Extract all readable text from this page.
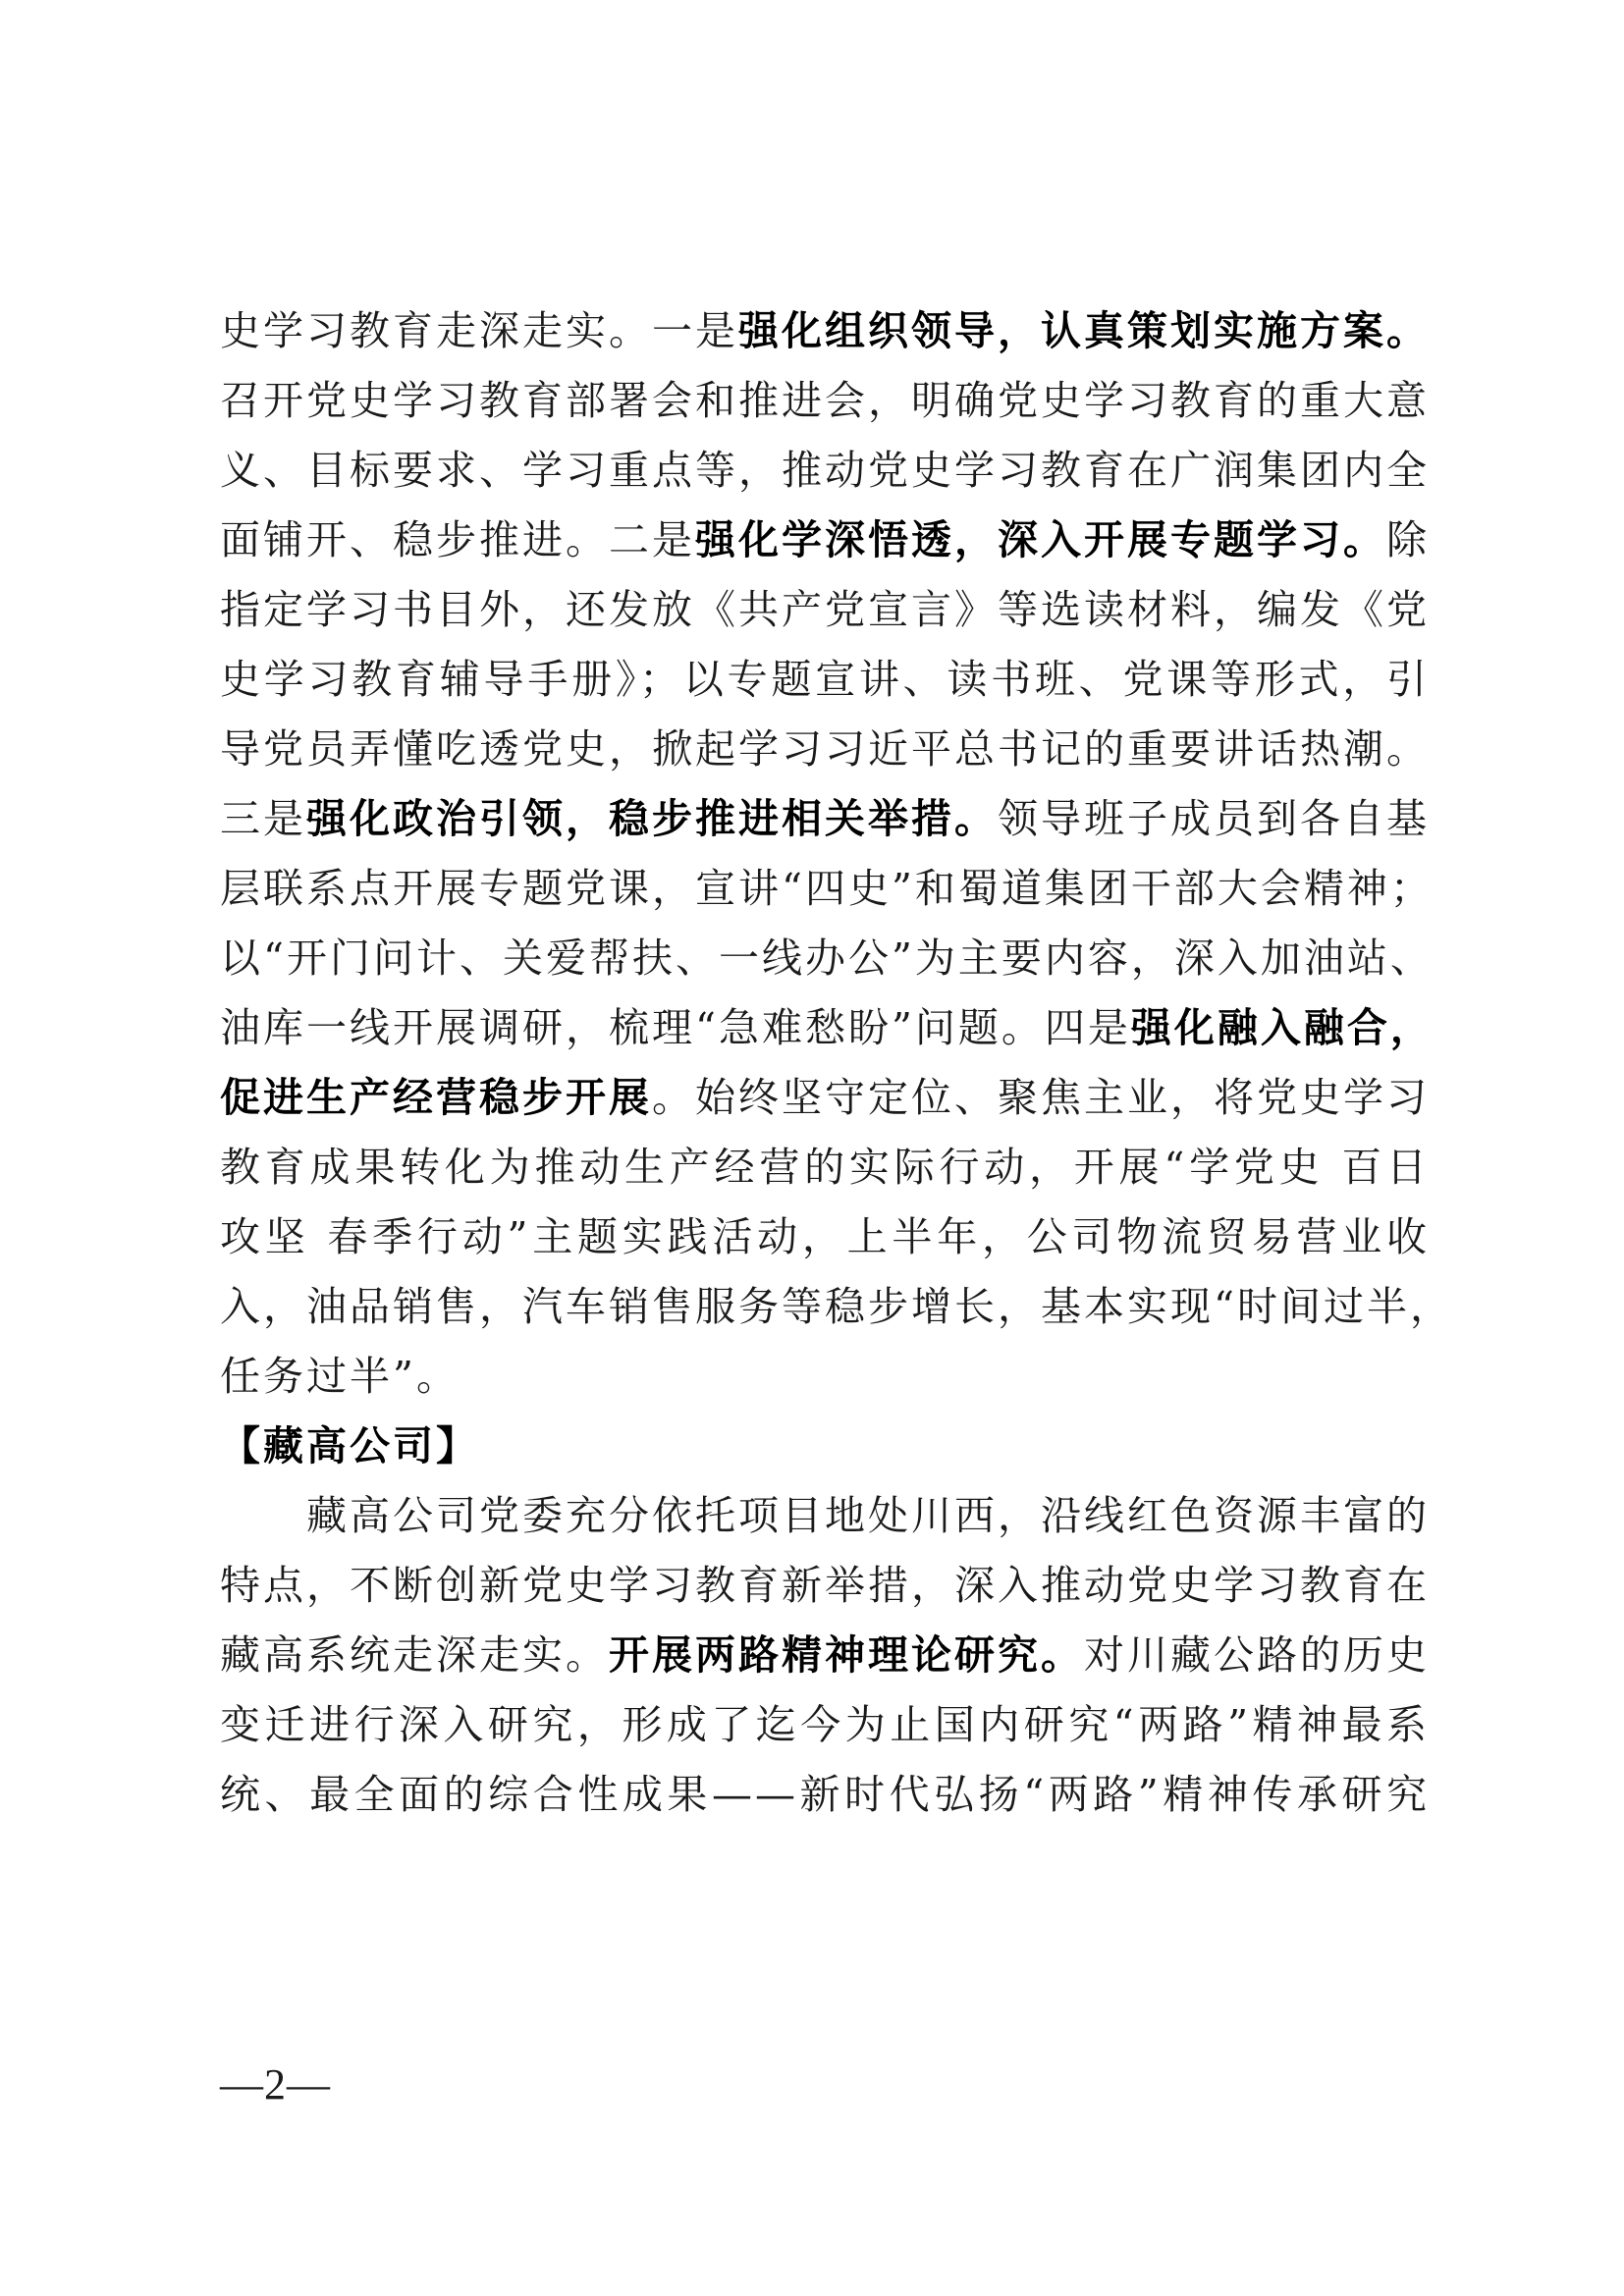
史学习教育走深走实。一是强化组织领导，认真策划实施方案。
召开党史学习教育部署会和推进会，明确党史学习教育的重大意
义、目标要求、学习重点等，推动党史学习教育在广润集团内全
面铺开、稳步推进。二是强化学深悟透，深入开展专题学习。除
指定学习书目外，还发放《共产党宣言》等选读材料，编发《党
史学习教育辅导手册》；以专题宣讲、读书班、党课等形式，引
导党员弄懂吃透党史，掀起学习习近平总书记的重要讲话热潮。
三是强化政治引领，稳步推进相关举措。领导班子成员到各自基
层联系点开展专题党课，宣讲“四史”和蜀道集团干部大会精神；
以“开门问计、关爱帮扶、一线办公”为主要内容，深入加油站、
油库一线开展调研，梳理“急难愁盼”问题。四是强化融入融合，
促进生产经营稳步开展。始终坚守定位、聚焦主业，将党史学习
教育成果转化为推动生产经营的实际行动，开展“学党史 百日
攻坚 春季行动”主题实践活动，上半年，公司物流贸易营业收
入，油品销售，汽车销售服务等稳步增长，基本实现“时间过半，
任务过半”。
【藏高公司】
　　藏高公司党委充分依托项目地处川西，沿线红色资源丰富的
特点，不断创新党史学习教育新举措，深入推动党史学习教育在
藏高系统走深走实。开展两路精神理论研究。对川藏公路的历史
变迁进行深入研究，形成了迄今为止国内研究“两路”精神最系
统、最全面的综合性成果——新时代弘扬“两路”精神传承研究
—2—
